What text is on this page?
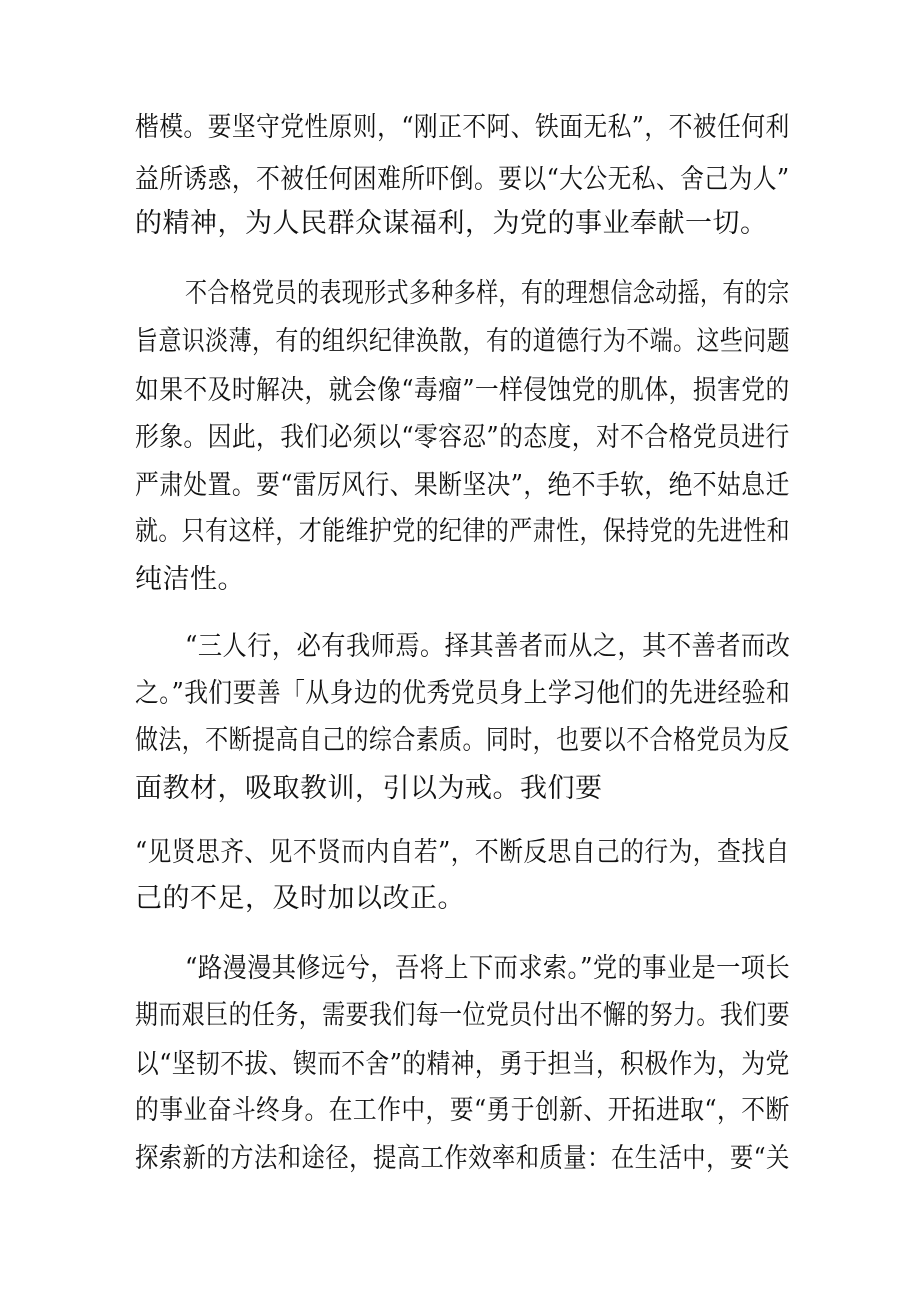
楷模。要坚守党性原则，“刚正不阿、铁面无私”，不被任何利
益所诱惑，不被任何困难所吓倒。要以“大公无私、舍己为人”
的精神，为人民群众谋福利，为党的事业奉献一切。
不合格党员的表现形式多种多样，有的理想信念动摇，有的宗
旨意识淡薄，有的组织纪律涣散，有的道德行为不端。这些问题
如果不及时解决，就会像“毒瘤”一样侵蚀党的肌体，损害党的
形象。因此，我们必须以“零容忍”的态度，对不合格党员进行
严肃处置。要“雷厉风行、果断坚决”，绝不手软，绝不姑息迁
就。只有这样，才能维护党的纪律的严肃性，保持党的先进性和
纯洁性。
“三人行，必有我师焉。择其善者而从之，其不善者而改
之。”我们要善「从身边的优秀党员身上学习他们的先进经验和
做法，不断提高自己的综合素质。同时，也要以不合格党员为反
面教材，吸取教训，引以为戒。我们要
“见贤思齐、见不贤而内自若”，不断反思自己的行为，查找自
己的不足，及时加以改正。
“路漫漫其修远兮，吾将上下而求索。”党的事业是一项长
期而艰巨的任务，需要我们每一位党员付出不懈的努力。我们要
以“坚韧不拔、锲而不舍”的精神，勇于担当，积极作为，为党
的事业奋斗终身。在工作中，要“勇于创新、开拓进取“，不断
探索新的方法和途径，提高工作效率和质量：在生活中，要“关
